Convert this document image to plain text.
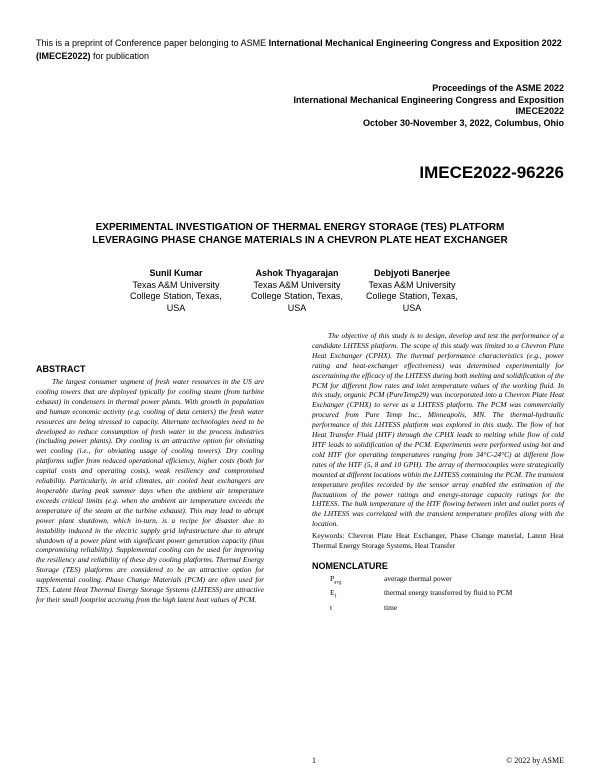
This is a preprint of Conference paper belonging to ASME International Mechanical Engineering Congress and Exposition 2022 (IMECE2022) for publication
Proceedings of the ASME 2022
International Mechanical Engineering Congress and Exposition
IMECE2022
October 30-November 3, 2022, Columbus, Ohio
IMECE2022-96226
EXPERIMENTAL INVESTIGATION OF THERMAL ENERGY STORAGE (TES) PLATFORM
LEVERAGING PHASE CHANGE MATERIALS IN A CHEVRON PLATE HEAT EXCHANGER
Sunil Kumar
Texas A&M University
College Station, Texas,
USA
Ashok Thyagarajan
Texas A&M University
College Station, Texas,
USA
Debjyoti Banerjee
Texas A&M University
College Station, Texas,
USA
ABSTRACT

The largest consumer segment of fresh water resources in the US are cooling towers that are deployed typically for cooling steam (from turbine exhaust) in condensers in thermal power plants. With growth in population and human economic activity (e.g. cooling of data centers) the fresh water resources are being stressed to capacity. Alternate technologies need to be developed to reduce consumption of fresh water in the process industries (including power plants). Dry cooling is an attractive option for obviating wet cooling (i.e., for obviating usage of cooling towers). Dry cooling platforms suffer from reduced operational efficiency, higher costs (both for capital costs and operating costs), weak resiliency and compromised reliability. Particularly, in arid climates, air cooled heat exchangers are inoperable during peak summer days when the ambient air temperature exceeds critical limits (e.g. when the ambient air temperature exceeds the temperature of the steam at the turbine exhaust). This may lead to abrupt power plant shutdown, which in-turn, is a recipe for disaster due to instability induced in the electric supply grid infrastructure due to abrupt shutdown of a power plant with significant power generation capacity (thus compromising reliability). Supplemental cooling can be used for improving the resiliency and reliability of these dry cooling platforms. Thermal Energy Storage (TES) platforms are considered to be an attractive option for supplemental cooling. Phase Change Materials (PCM) are often used for TES. Latent Heat Thermal Energy Storage Systems (LHTESS) are attractive for their small footprint accruing from the high latent heat values of PCM.

The objective of this study is to design, develop and test the performance of a candidate LHTESS platform. The scope of this study was limited to a Chevron Plate Heat Exchanger (CPHX). The thermal performance characteristics (e.g., power rating and heat-exchanger effectiveness) was determined experimentally for ascertaining the efficacy of the LHTESS during both melting and solidification of the PCM for different flow rates and inlet temperature values of the working fluid. In this study, organic PCM (PureTemp29) was incorporated into a Chevron Plate Heat Exchanger (CPHX) to serve as a LHTESS platform. The PCM was commercially procured from Pure Temp Inc., Minneapolis, MN. The thermal-hydraulic performance of this LHTESS platform was explored in this study. The flow of hot Heat Transfer Fluid (HTF) through the CPHX leads to melting while flow of cold HTF leads to solidification of the PCM. Experiments were performed using hot and cold HTF (for operating temperatures ranging from 34°C-24°C) at different flow rates of the HTF (5, 8 and 10 GPH). The array of thermocouples were strategically mounted at different locations within the LHTESS containing the PCM. The transient temperature profiles recorded by the sensor array enabled the estimation of the fluctuations of the power ratings and energy-storage capacity ratings for the LHTESS. The bulk temperature of the HTF flowing between inlet and outlet ports of the LHTESS was correlated with the transient temperature profiles along with the location.

Keywords: Chevron Plate Heat Exchanger, Phase Change material, Latent Heat Thermal Energy Storage Systems, Heat Transfer

NOMENCLATURE
$P_{avg}$	average thermal power
$E_f$	thermal energy transferred by fluid to PCM
t	time
1	© 2022 by ASME
